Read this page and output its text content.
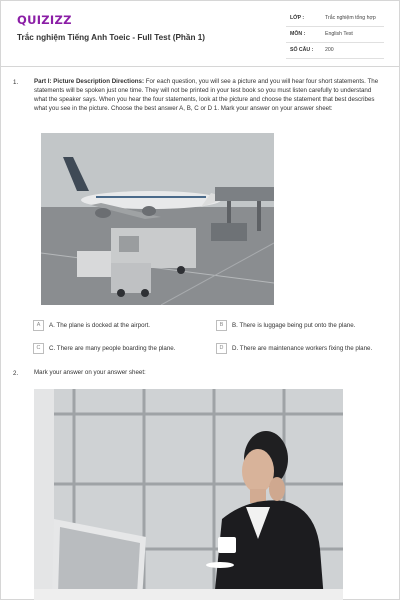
QUIZIZZ
Trắc nghiệm Tiếng Anh Toeic - Full Test (Phần 1)
LỚP :	Trắc nghiệm tổng hợp
MÔN :	English Test
SỐ CÂU : 200
1.	Part I: Picture Description Directions: For each question, you will see a picture and you will hear four short statements. The statements will be spoken just one time. They will not be printed in your test book so you must listen carefully to understand what the speaker says. When you hear the four statements, look at the picture and choose the statement that best describes what you see in the picture. Choose the best answer A, B, C or D 1. Mark your answer on your answer sheet:
A	A. The plane is docked at the airport.	B	B. There is luggage being put onto the plane.
C	C. There are many people boarding the plane.	D	D. There are maintenance workers fixing the plane.
2.	Mark your answer on your answer sheet:
